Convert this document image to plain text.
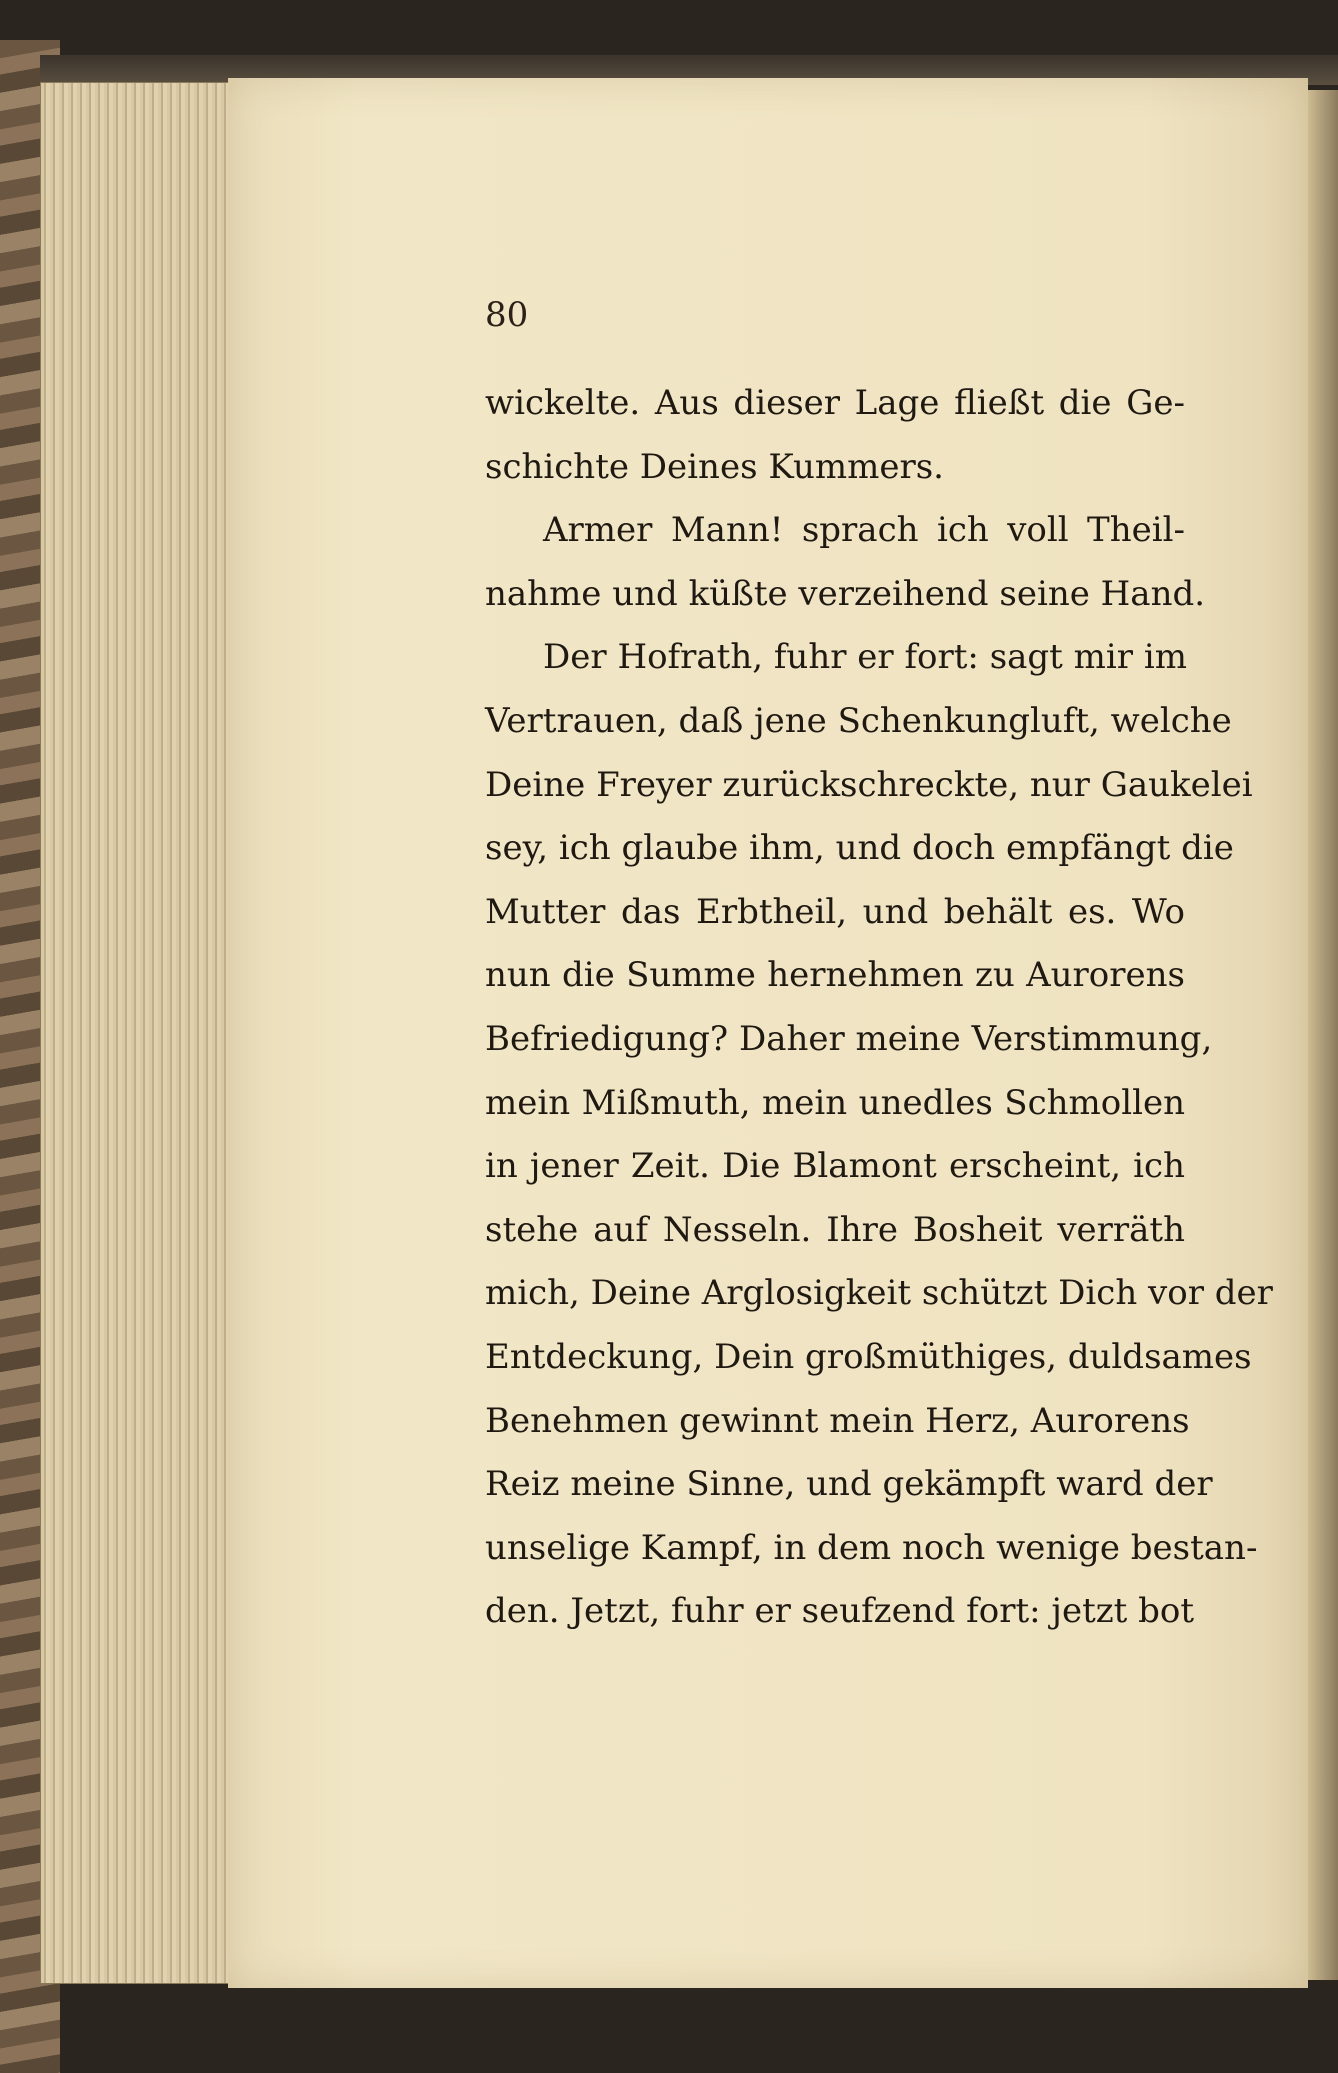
80
wickelte. Aus dieser Lage fließt die Ge-
schichte Deines Kummers.
Armer Mann! sprach ich voll Theil-
nahme und küßte verzeihend seine Hand.
Der Hofrath, fuhr er fort: sagt mir im
Vertrauen, daß jene Schenkungluft, welche
Deine Freyer zurückschreckte, nur Gaukelei
sey, ich glaube ihm, und doch empfängt die
Mutter das Erbtheil, und behält es. Wo
nun die Summe hernehmen zu Aurorens
Befriedigung? Daher meine Verstimmung,
mein Mißmuth, mein unedles Schmollen
in jener Zeit. Die Blamont erscheint, ich
stehe auf Nesseln. Ihre Bosheit verräth
mich, Deine Arglosigkeit schützt Dich vor der
Entdeckung, Dein großmüthiges, duldsames
Benehmen gewinnt mein Herz, Aurorens
Reiz meine Sinne, und gekämpft ward der
unselige Kampf, in dem noch wenige bestan-
den. Jetzt, fuhr er seufzend fort: jetzt bot
